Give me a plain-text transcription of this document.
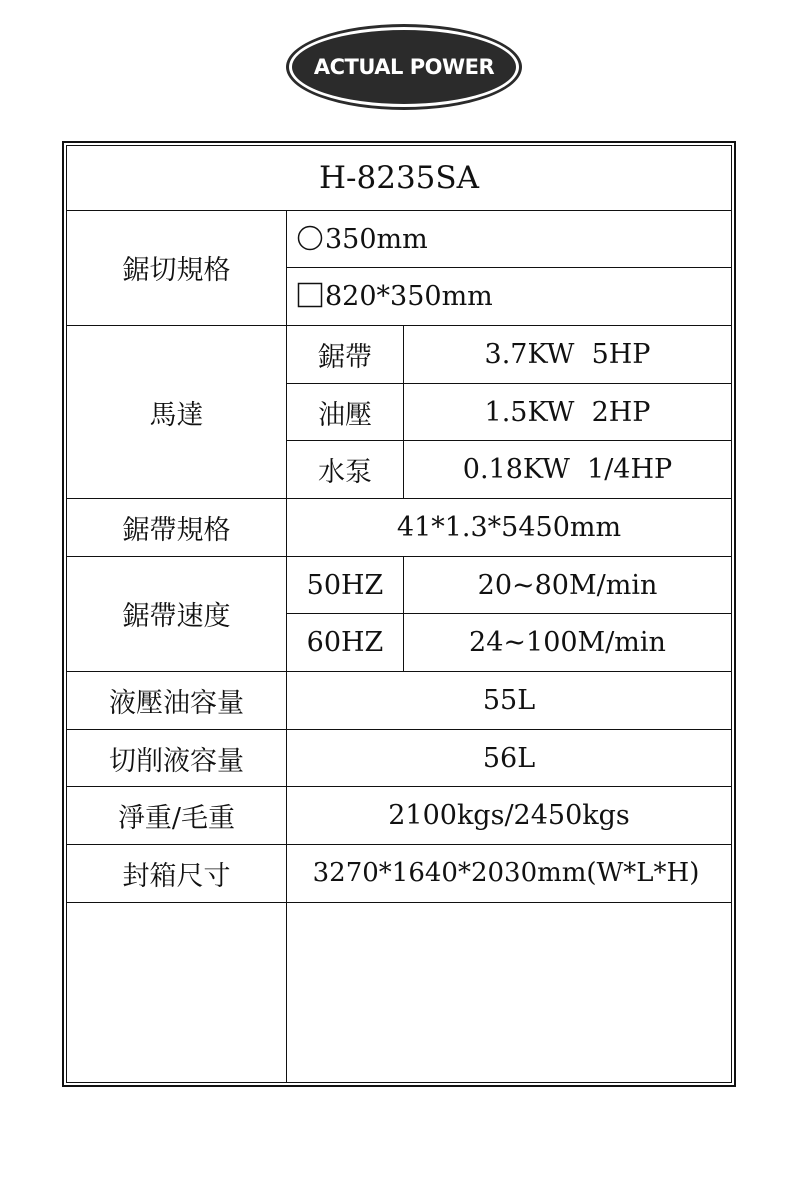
ACTUAL POWER
H-8235SA		
鋸切規格	350mm	
	820*350mm	
馬達	鋸帶	3.7KW  5HP
	油壓	1.5KW  2HP
	水泵	0.18KW  1/4HP
鋸帶規格	41*1.3*5450mm	
鋸帶速度	50HZ	20~80M/min
	60HZ	24~100M/min
液壓油容量	55L	
切削液容量	56L	
淨重/毛重	2100kgs/2450kgs	
封箱尺寸	3270*1640*2030mm(W*L*H)	
